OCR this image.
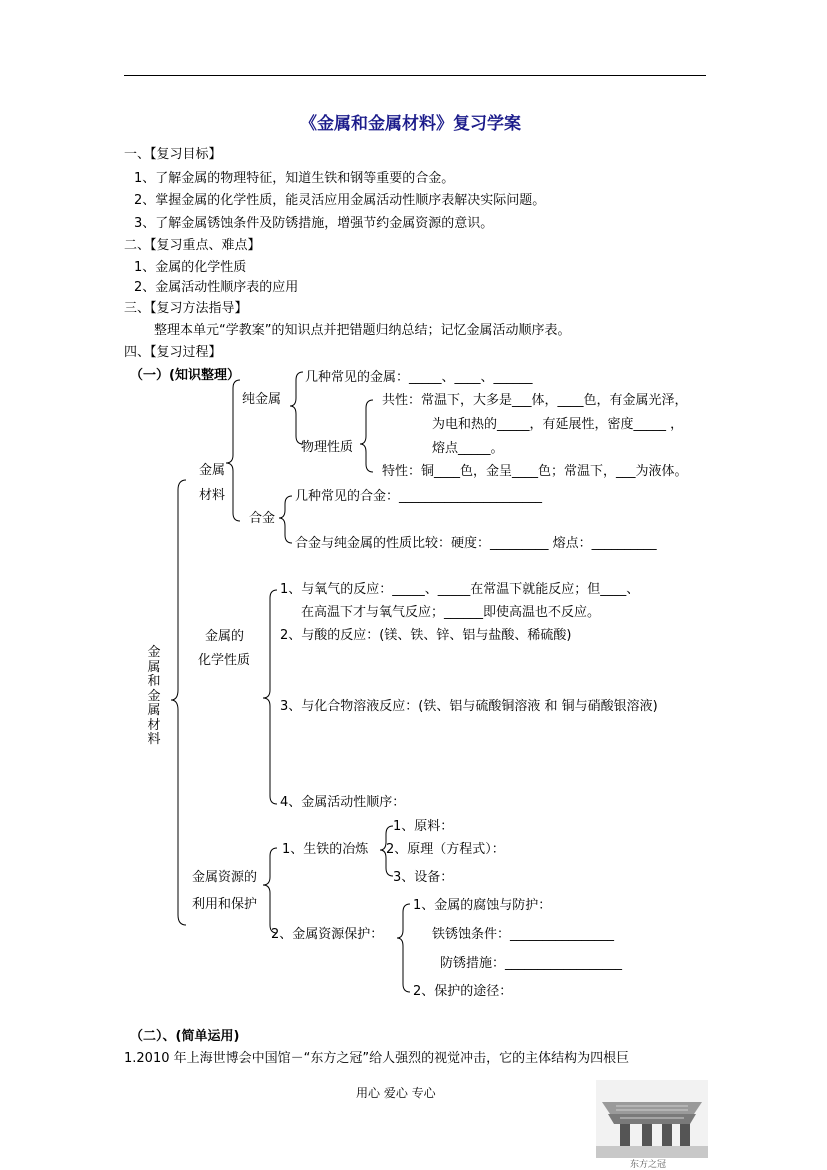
《金属和金属材料》复习学案
一、【复习目标】
1、了解金属的物理特征，知道生铁和钢等重要的合金。
2、掌握金属的化学性质，能灵活应用金属活动性顺序表解决实际问题。
3、了解金属锈蚀条件及防锈措施，增强节约金属资源的意识。
二、【复习重点、难点】
1、金属的化学性质
2、金属活动性顺序表的应用
三、【复习方法指导】
整理本单元“学教案”的知识点并把错题归纳总结；记忆金属活动顺序表。
四、【复习过程】
（一）(知识整理）
金属和金属材料
金属
材料
纯金属
几种常见的金属：_____、____、______
物理性质
共性：常温下，大多是___体，____色，有金属光泽，
为电和热的_____，有延展性，密度_____ ，
熔点_____。
特性：铜____色，金呈____色；常温下，___为液体。
合金
几种常见的合金：______________________
合金与纯金属的性质比较：硬度：_________ 熔点：__________
金属的
化学性质
1、与氧气的反应：_____、_____在常温下就能反应；但____、
在高温下才与氧气反应；______即使高温也不反应。
2、与酸的反应：(镁、铁、锌、铝与盐酸、稀硫酸)
3、与化合物溶液反应：(铁、铝与硫酸铜溶液 和 铜与硝酸银溶液)
4、金属活动性顺序：
金属资源的
利用和保护
1、生铁的冶炼
1、原料：
2、原理（方程式）：
3、设备：
2、金属资源保护：
1、金属的腐蚀与防护：
铁锈蚀条件：________________
防锈措施：__________________
2、保护的途径：
（二）、(简单运用)
1.2010 年上海世博会中国馆－“东方之冠”给人强烈的视觉冲击，它的主体结构为四根巨
用心 爱心 专心
东方之冠
